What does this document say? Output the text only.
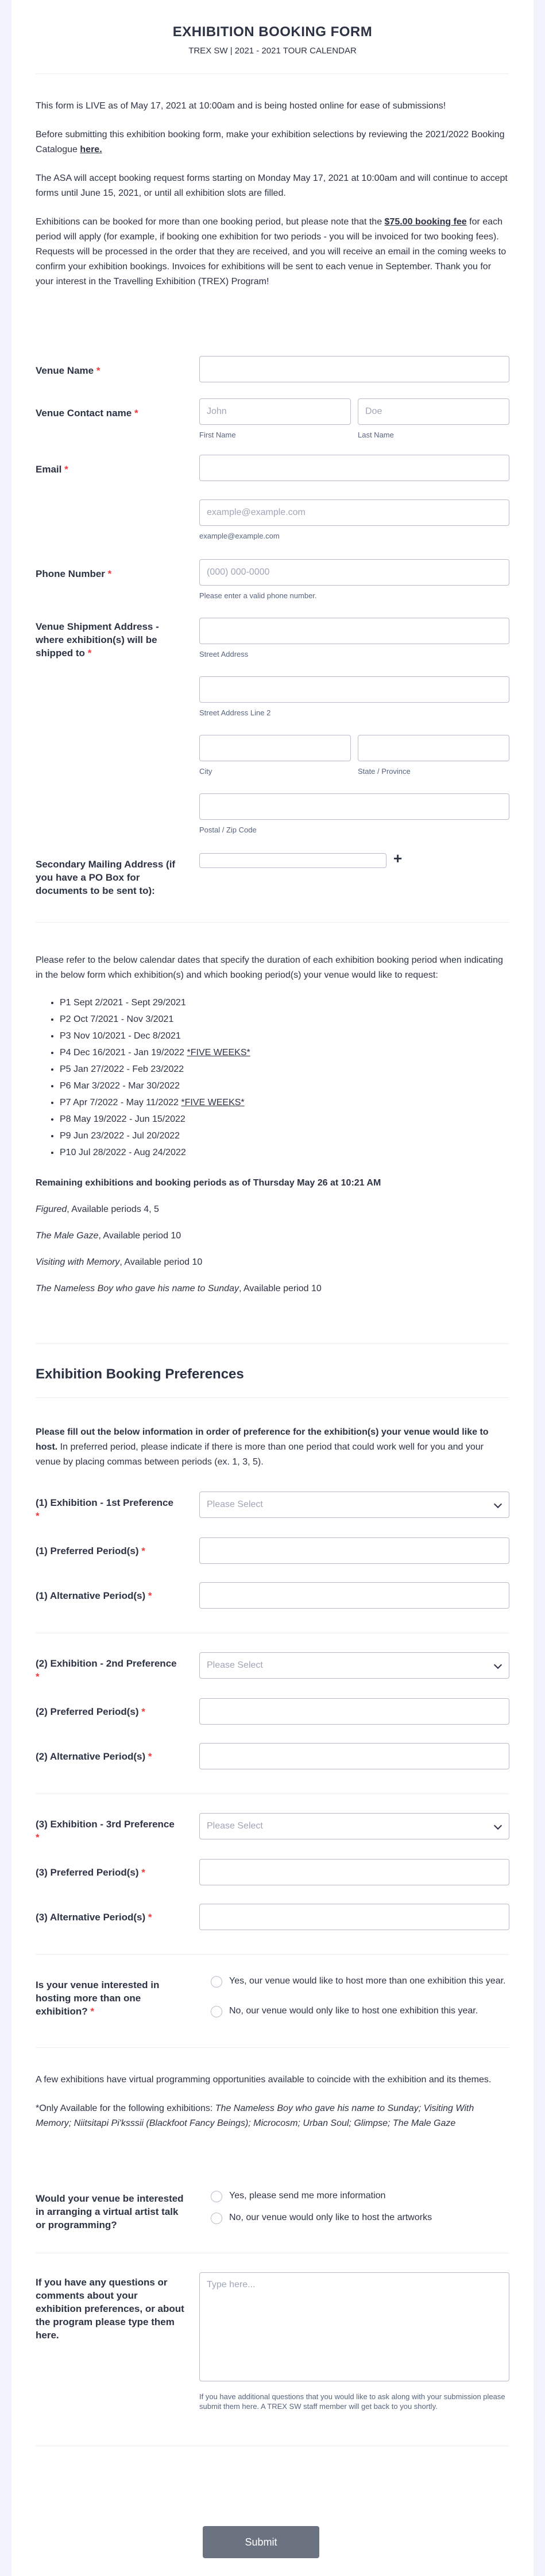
EXHIBITION BOOKING FORM
TREX SW | 2021 - 2021 TOUR CALENDAR

This form is LIVE as of May 17, 2021 at 10:00am and is being hosted online for ease of submissions!

Before submitting this exhibition booking form, make your exhibition selections by reviewing the 2021/2022 Booking Catalogue here.

The ASA will accept booking request forms starting on Monday May 17, 2021 at 10:00am and will continue to accept forms until June 15, 2021, or until all exhibition slots are filled.

Exhibitions can be booked for more than one booking period, but please note that the $75.00 booking fee for each period will apply (for example, if booking one exhibition for two periods - you will be invoiced for two booking fees). Requests will be processed in the order that they are received, and you will receive an email in the coming weeks to confirm your exhibition bookings. Invoices for exhibitions will be sent to each venue in September. Thank you for your interest in the Travelling Exhibition (TREX) Program!

Venue Name *
Venue Contact name *
John
Doe
First Name	Last Name
Email *
example@example.com
example@example.com
Phone Number *
(000) 000-0000
Please enter a valid phone number.
Venue Shipment Address - where exhibition(s) will be shipped to *	Street Address
Street Address Line 2
City	State / Province
Postal / Zip Code
Secondary Mailing Address (if you have a PO Box for documents to be sent to):
+

Please refer to the below calendar dates that specify the duration of each exhibition booking period when indicating in the below form which exhibition(s) and which booking period(s) your venue would like to request:

• P1 Sept 2/2021 - Sept 29/2021
• P2 Oct 7/2021 - Nov 3/2021
• P3 Nov 10/2021 - Dec 8/2021
• P4 Dec 16/2021 - Jan 19/2022 *FIVE WEEKS*
• P5 Jan 27/2022 - Feb 23/2022
• P6 Mar 3/2022 - Mar 30/2022
• P7 Apr 7/2022 - May 11/2022 *FIVE WEEKS*
• P8 May 19/2022 - Jun 15/2022
• P9 Jun 23/2022 - Jul 20/2022
• P10 Jul 28/2022 - Aug 24/2022

Remaining exhibitions and booking periods as of Thursday May 26 at 10:21 AM

Figured, Available periods 4, 5

The Male Gaze, Available period 10

Visiting with Memory, Available period 10

The Nameless Boy who gave his name to Sunday, Available period 10

Exhibition Booking Preferences

Please fill out the below information in order of preference for the exhibition(s) your venue would like to host. In preferred period, please indicate if there is more than one period that could work well for you and your venue by placing commas between periods (ex. 1, 3, 5).

(1) Exhibition - 1st Preference *
Please Select
(1) Preferred Period(s) *
(1) Alternative Period(s) *
(2) Exhibition - 2nd Preference *
Please Select
(2) Preferred Period(s) *
(2) Alternative Period(s) *
(3) Exhibition - 3rd Preference *
Please Select
(3) Preferred Period(s) *
(3) Alternative Period(s) *
Is your venue interested in hosting more than one exhibition? *
Yes, our venue would like to host more than one exhibition this year.
No, our venue would only like to host one exhibition this year.

A few exhibitions have virtual programming opportunities available to coincide with the exhibition and its themes.

*Only Available for the following exhibitions: The Nameless Boy who gave his name to Sunday; Visiting With Memory; Niitsitapi Pi'ksssii (Blackfoot Fancy Beings); Microcosm; Urban Soul; Glimpse; The Male Gaze

Would your venue be interested in arranging a virtual artist talk or programming?
Yes, please send me more information
No, our venue would only like to host the artworks
If you have any questions or comments about your exhibition preferences, or about the program please type them here.
Type here...
If you have additional questions that you would like to ask along with your submission please submit them here. A TREX SW staff member will get back to you shortly.
Submit
